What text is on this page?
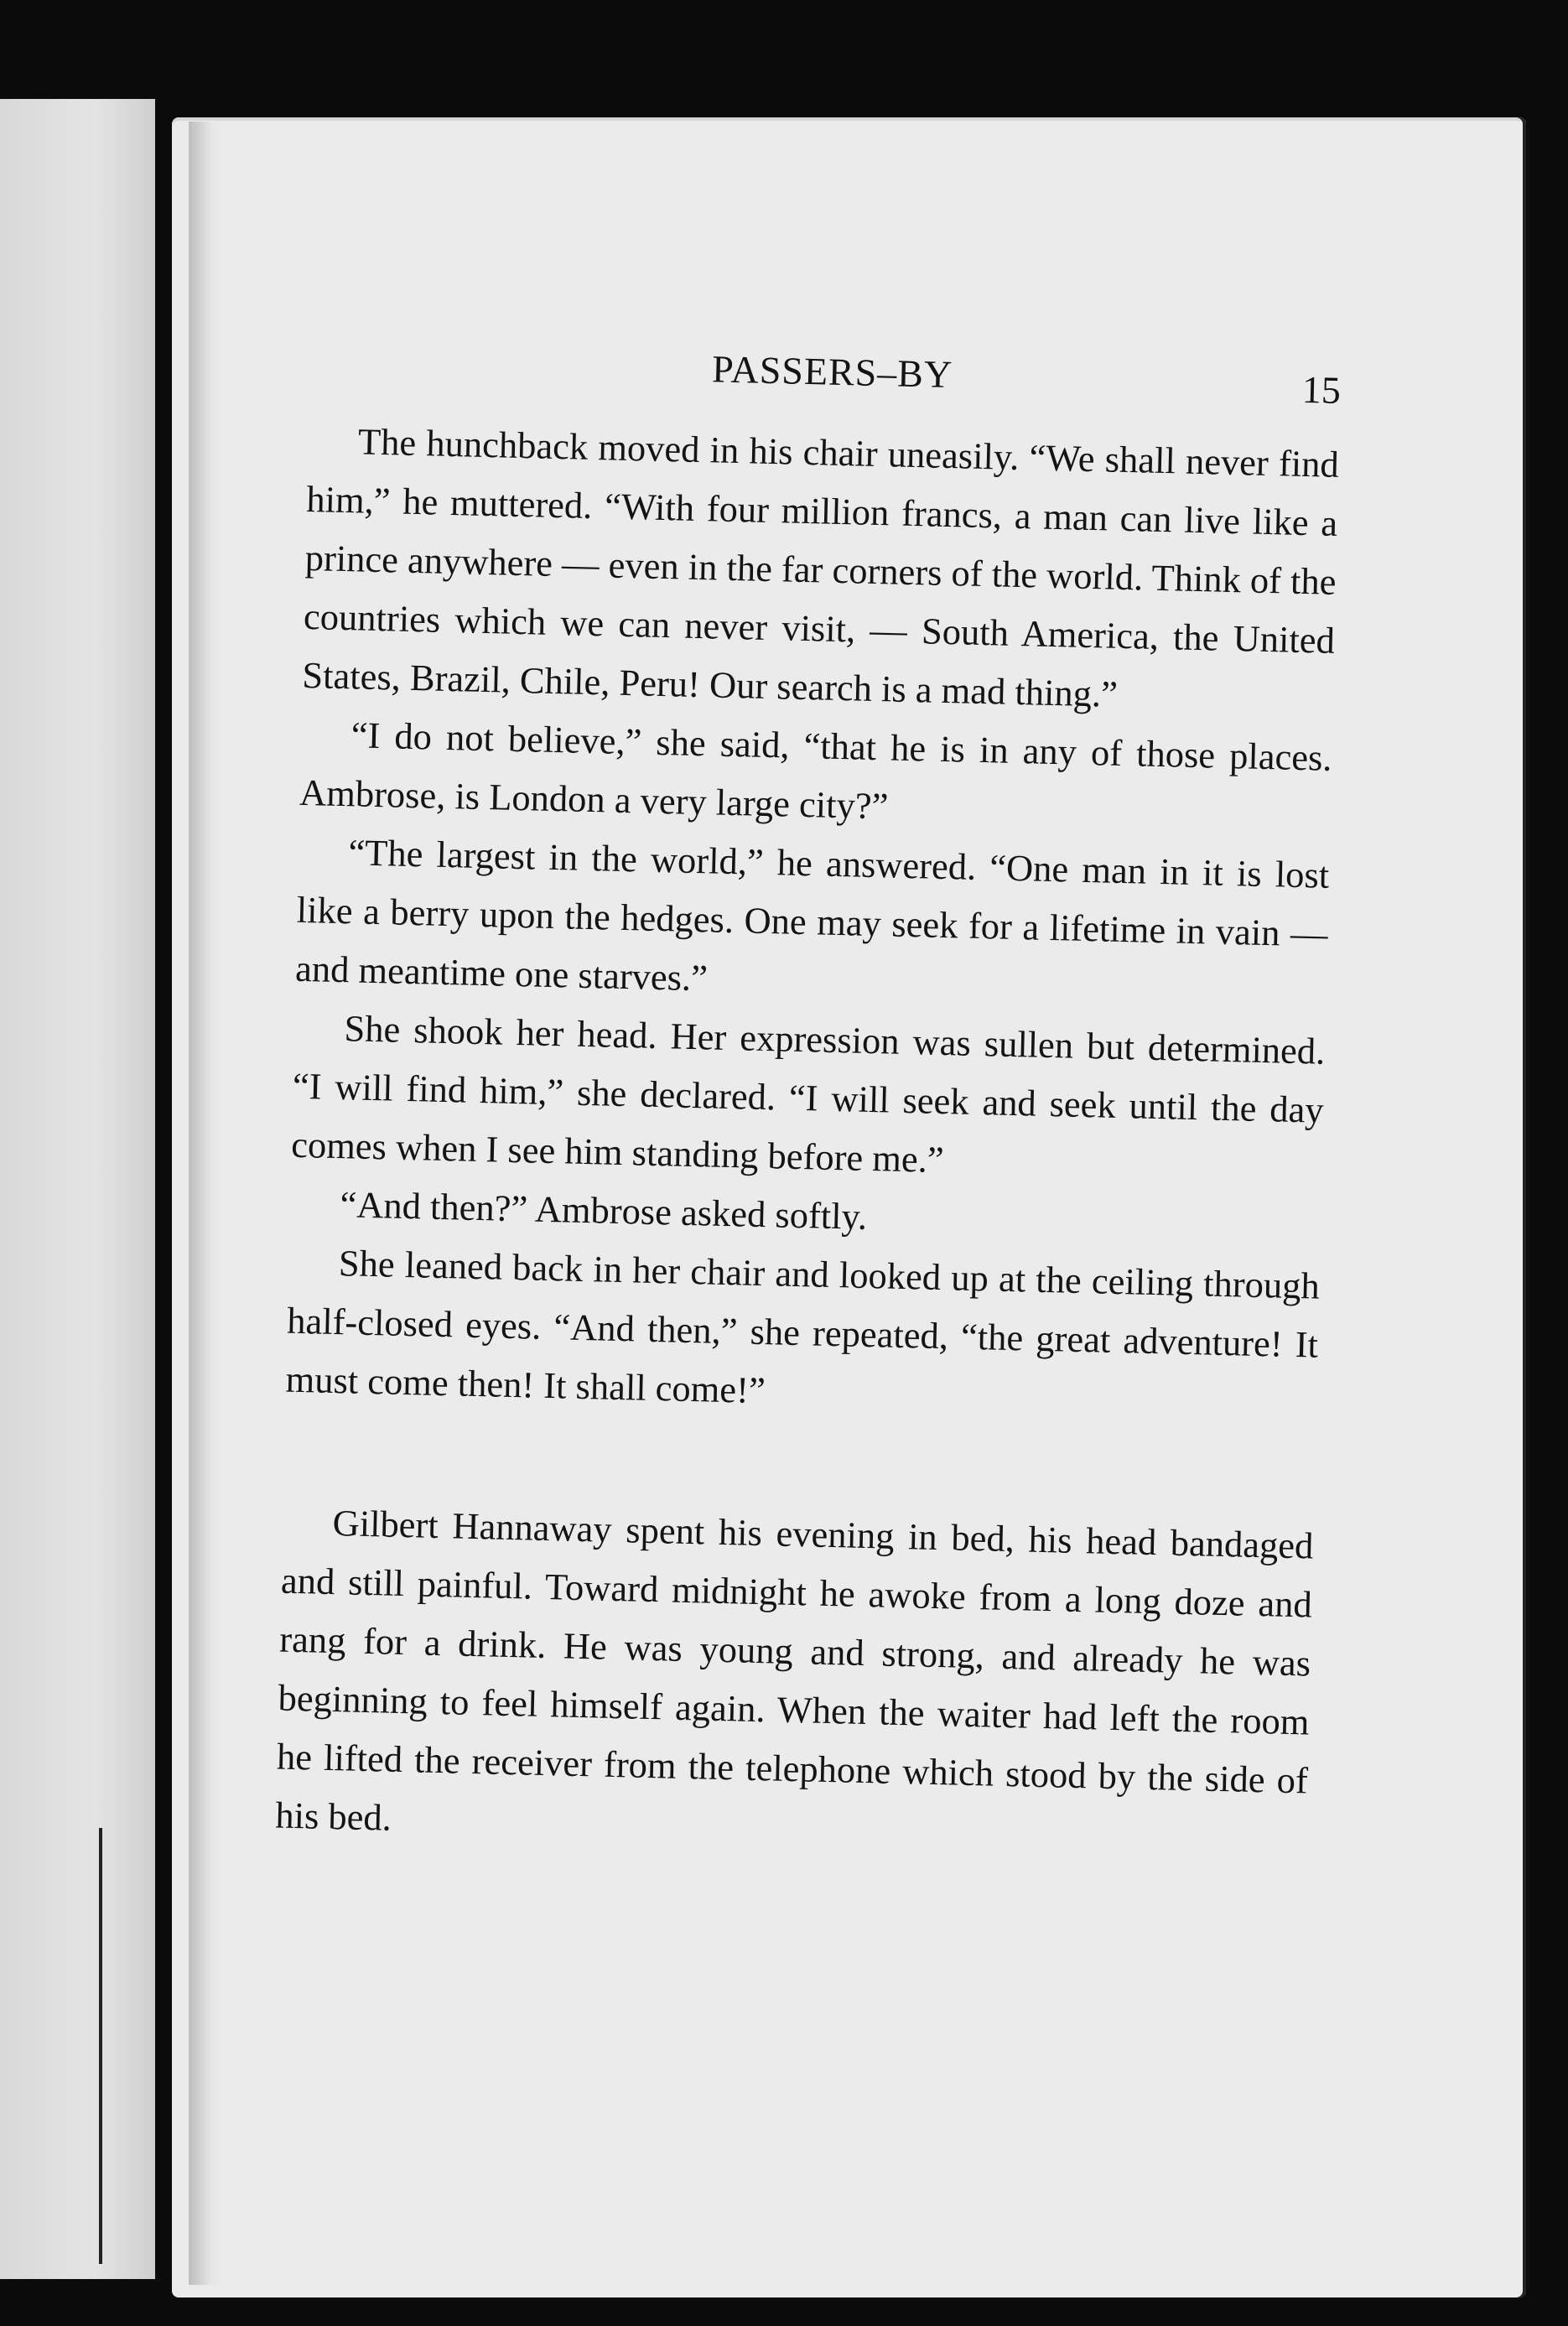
PASSERS–BY	15

The hunchback moved in his chair uneasily. “We shall never find him,” he muttered. “With four million francs, a man can live like a prince anywhere — even in the far corners of the world. Think of the countries which we can never visit, — South America, the United States, Brazil, Chile, Peru! Our search is a mad thing.”

“I do not believe,” she said, “that he is in any of those places. Ambrose, is London a very large city?”

“The largest in the world,” he answered. “One man in it is lost like a berry upon the hedges. One may seek for a lifetime in vain — and meantime one starves.”

She shook her head. Her expression was sullen but determined. “I will find him,” she declared. “I will seek and seek until the day comes when I see him standing before me.”

“And then?” Ambrose asked softly.

She leaned back in her chair and looked up at the ceiling through half-closed eyes. “And then,” she repeated, “the great adventure! It must come then! It shall come!”

Gilbert Hannaway spent his evening in bed, his head bandaged and still painful. Toward midnight he awoke from a long doze and rang for a drink. He was young and strong, and already he was beginning to feel himself again. When the waiter had left the room he lifted the receiver from the telephone which stood by the side of his bed.
